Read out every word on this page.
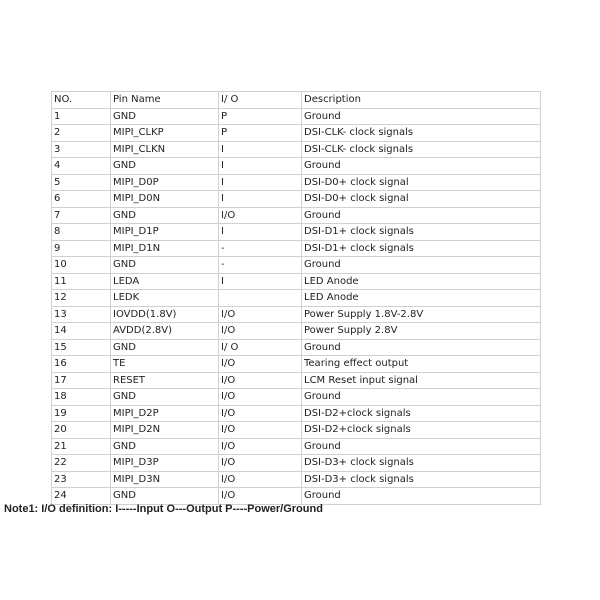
NO.	Pin Name	I/ O	Description
1	GND	P	Ground
2	MIPI_CLKP	P	DSI-CLK- clock signals
3	MIPI_CLKN	I	DSI-CLK- clock signals
4	GND	I	Ground
5	MIPI_D0P	I	DSI-D0+ clock signal
6	MIPI_D0N	I	DSI-D0+ clock signal
7	GND	I/O	Ground
8	MIPI_D1P	I	DSI-D1+ clock signals
9	MIPI_D1N	-	DSI-D1+ clock signals
10	GND	-	Ground
11	LEDA	I	LED Anode
12	LEDK		LED Anode
13	IOVDD(1.8V)	I/O	Power Supply 1.8V-2.8V
14	AVDD(2.8V)	I/O	Power Supply 2.8V
15	GND	I/ O	Ground
16	TE	I/O	Tearing effect output
17	RESET	I/O	LCM Reset input signal
18	GND	I/O	Ground
19	MIPI_D2P	I/O	DSI-D2+clock signals
20	MIPI_D2N	I/O	DSI-D2+clock signals
21	GND	I/O	Ground
22	MIPI_D3P	I/O	DSI-D3+ clock signals
23	MIPI_D3N	I/O	DSI-D3+ clock signals
24	GND	I/O	Ground
Note1: I/O definition: I-----Input O---Output P----Power/Ground
